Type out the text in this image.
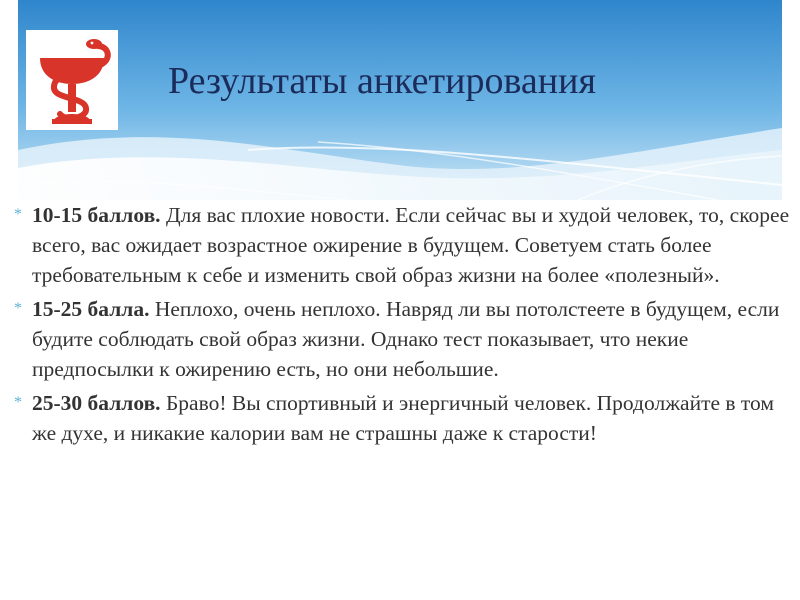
Результаты анкетирования
* 10-15 баллов. Для вас плохие новости. Если сейчас вы и худой человек, то, скорее всего, вас ожидает возрастное ожирение в будущем. Советуем стать более требовательным к себе и изменить свой образ жизни на более «полезный».
* 15-25 балла. Неплохо, очень неплохо. Навряд ли вы потолстеете в будущем, если будите соблюдать свой образ жизни. Однако тест показывает, что некие предпосылки к ожирению есть, но они небольшие.
* 25-30 баллов. Браво! Вы спортивный и энергичный человек. Продолжайте в том же духе, и никакие калории вам не страшны даже к старости!
